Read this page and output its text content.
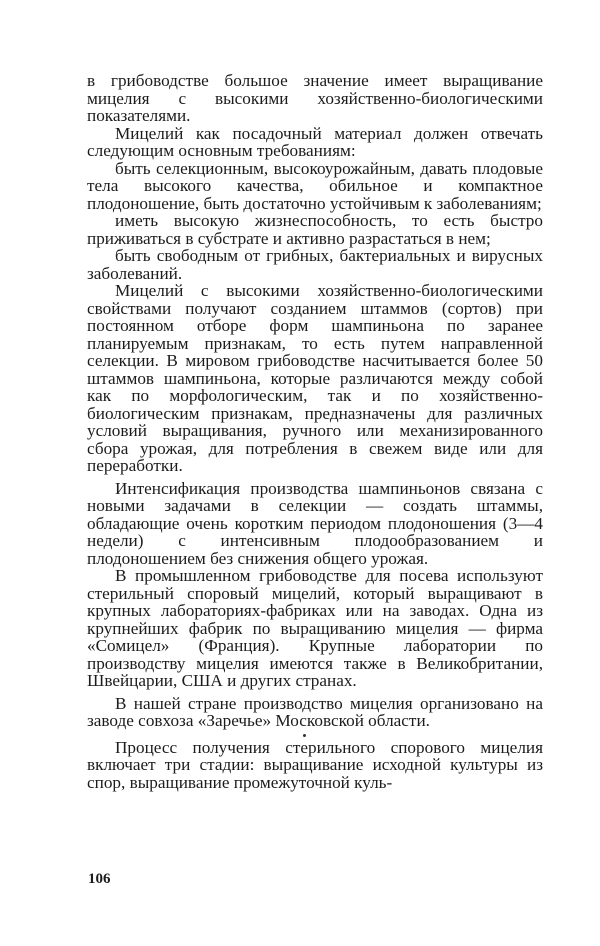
в грибоводстве большое значение имеет выращивание мицелия с высокими хозяйственно-биологическими показателями.

Мицелий как посадочный материал должен отвечать следующим основным требованиям:

быть селекционным, высокоурожайным, давать плодовые тела высокого качества, обильное и компактное плодоношение, быть достаточно устойчивым к заболеваниям;

иметь высокую жизнеспособность, то есть быстро приживаться в субстрате и активно разрастаться в нем;

быть свободным от грибных, бактериальных и вирусных заболеваний.

Мицелий с высокими хозяйственно-биологическими свойствами получают созданием штаммов (сортов) при постоянном отборе форм шампиньона по заранее планируемым признакам, то есть путем направленной селекции. В мировом грибоводстве насчитывается более 50 штаммов шампиньона, которые различаются между собой как по морфологическим, так и по хозяйственно-биологическим признакам, предназначены для различных условий выращивания, ручного или механизированного сбора урожая, для потребления в свежем виде или для переработки.

Интенсификация производства шампиньонов связана с новыми задачами в селекции — создать штаммы, обладающие очень коротким периодом плодоношения (3—4 недели) с интенсивным плодообразованием и плодоношением без снижения общего урожая.

В промышленном грибоводстве для посева используют стерильный споровый мицелий, который выращивают в крупных лабораториях-фабриках или на заводах. Одна из крупнейших фабрик по выращиванию мицелия — фирма «Сомицел» (Франция). Крупные лаборатории по производству мицелия имеются также в Великобритании, Швейцарии, США и других странах.

В нашей стране производство мицелия организовано на заводе совхоза «Заречье» Московской области.

Процесс получения стерильного спорового мицелия включает три стадии: выращивание исходной культуры из спор, выращивание промежуточной куль-

106
